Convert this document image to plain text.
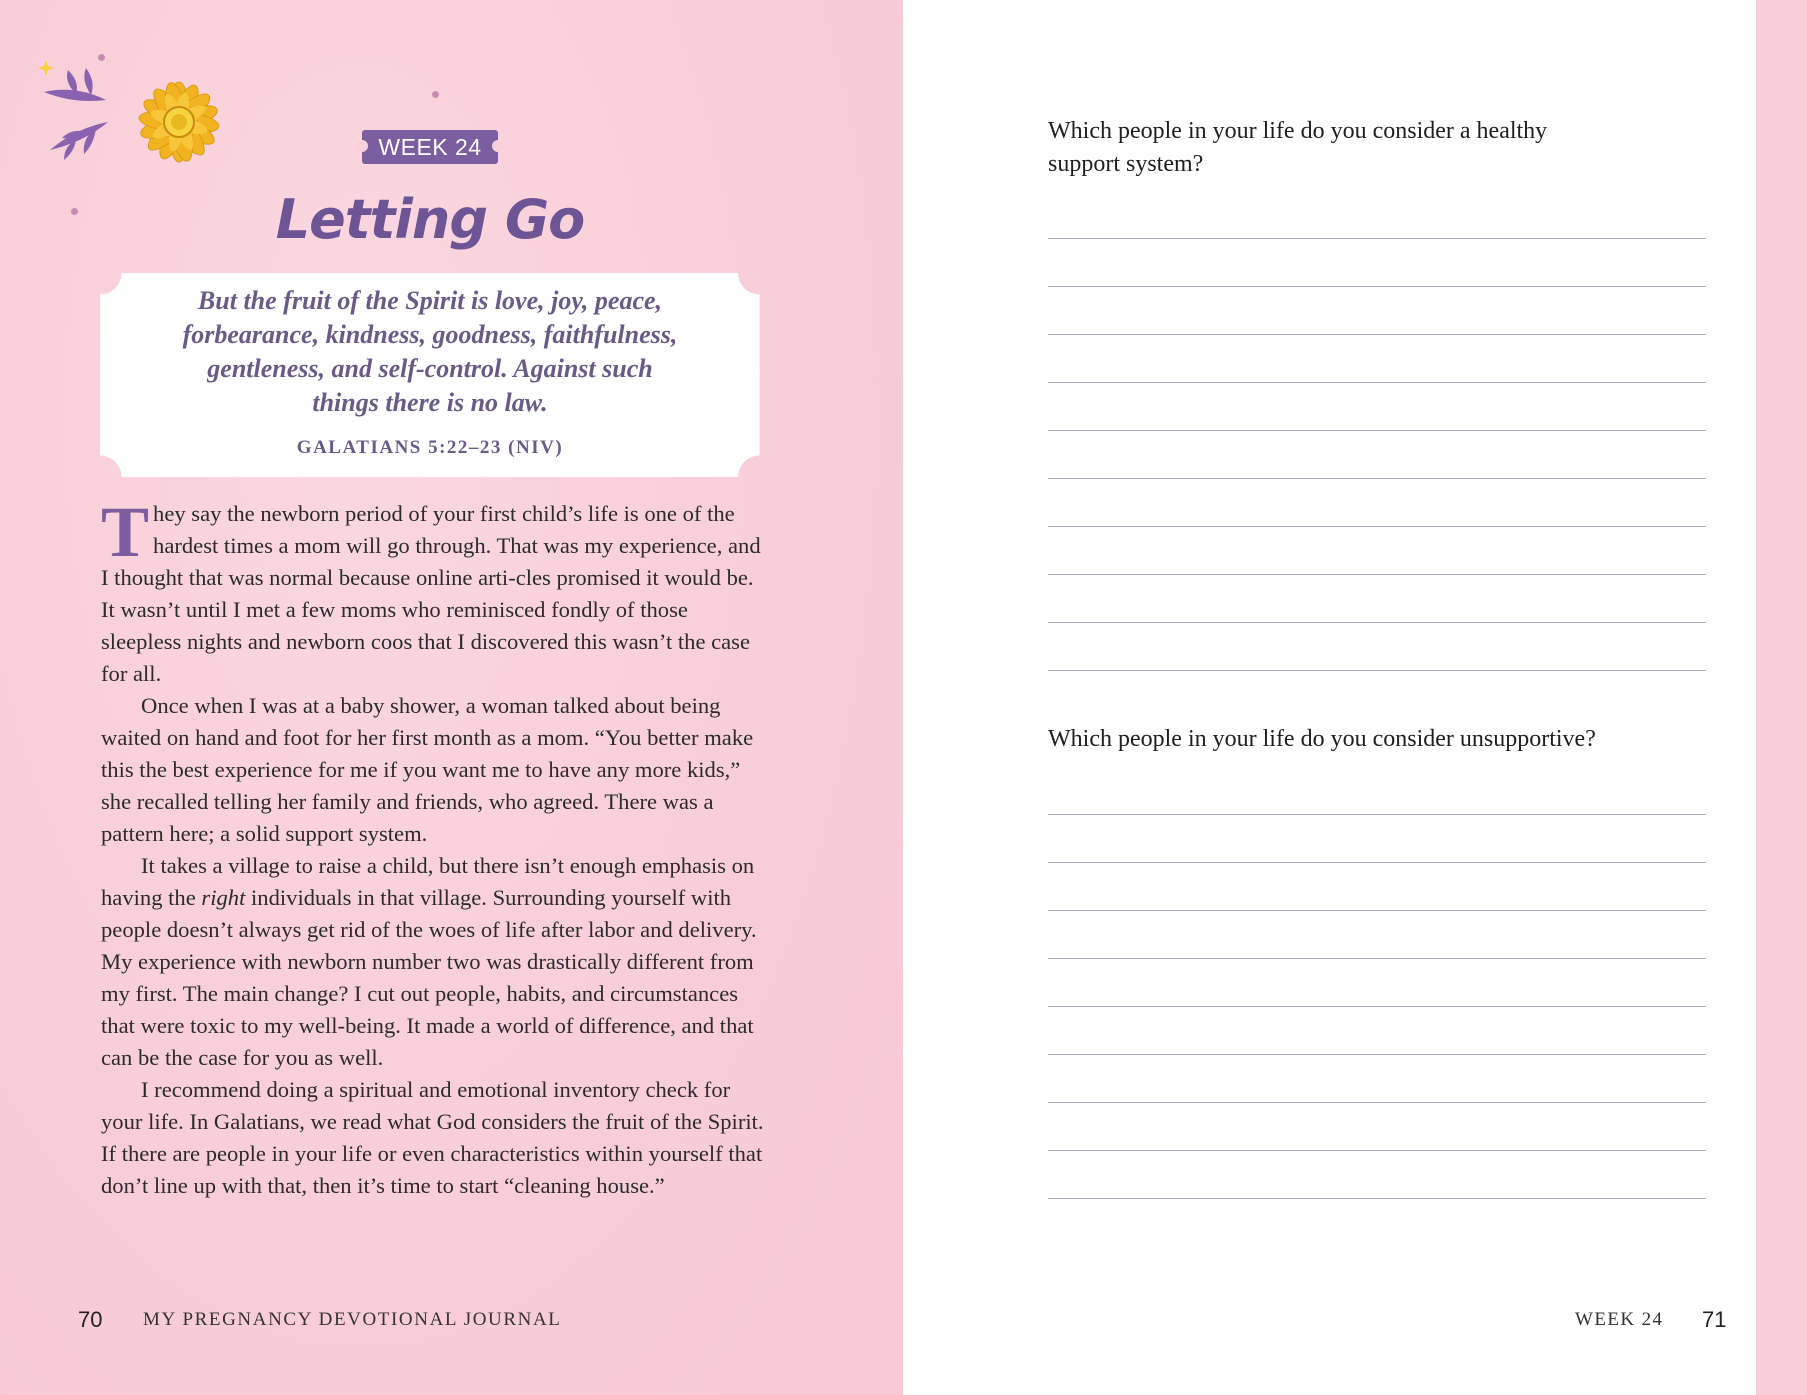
WEEK 24
Letting Go

But the fruit of the Spirit is love, joy, peace,
forbearance, kindness, goodness, faithfulness,
gentleness, and self-control. Against such
things there is no law.

GALATIANS 5:22–23 (NIV)

They say the newborn period of your first child’s life is one of the hardest times a mom will go through. That was my experience, and I thought that was normal because online arti-cles promised it would be. It wasn’t until I met a few moms who reminisced fondly of those sleepless nights and newborn coos that I discovered this wasn’t the case for all.

Once when I was at a baby shower, a woman talked about being waited on hand and foot for her first month as a mom. “You better make this the best experience for me if you want me to have any more kids,” she recalled telling her family and friends, who agreed. There was a pattern here; a solid support system.

It takes a village to raise a child, but there isn’t enough emphasis on having the right individuals in that village. Surrounding yourself with people doesn’t always get rid of the woes of life after labor and delivery. My experience with newborn number two was drastically different from my first. The main change? I cut out people, habits, and circumstances that were toxic to my well-being. It made a world of difference, and that can be the case for you as well.

I recommend doing a spiritual and emotional inventory check for your life. In Galatians, we read what God considers the fruit of the Spirit. If there are people in your life or even characteristics within yourself that don’t line up with that, then it’s time to start “cleaning house.”

70 MY PREGNANCY DEVOTIONAL JOURNAL	WEEK 24 71

Which people in your life do you consider a healthy support system?

Which people in your life do you consider unsupportive?
